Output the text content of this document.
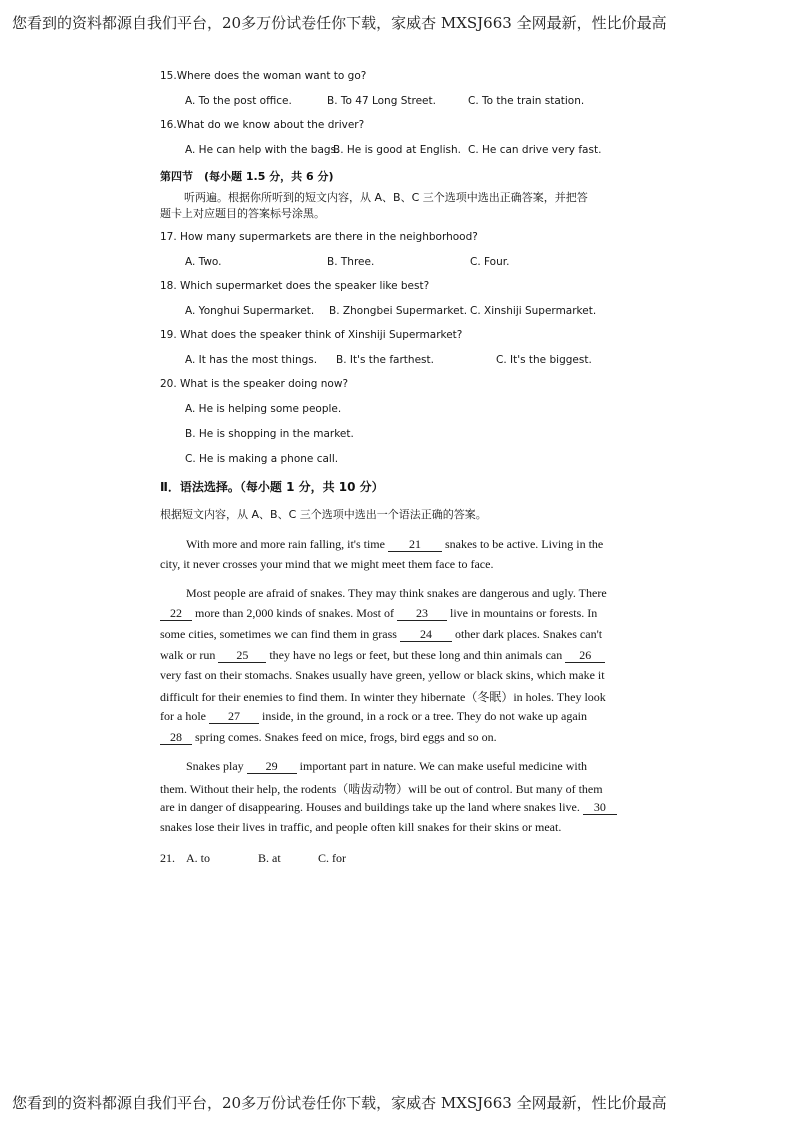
您看到的资料都源自我们平台，20多万份试卷任你下载，家威杏 MXSJ663 全网最新，性比价最高
15.Where does the woman want to go?
A. To the post office.	B. To 47 Long Street.	C. To the train station.
16.What do we know about the driver?
A. He can help with the bags.
B. He is good at English. C. He can drive very fast.
第四节　(每小题 1.5 分，共 6 分)
听两遍。根据你所听到的短文内容，从 A、B、C 三个选项中选出正确答案，并把答
题卡上对应题目的答案标号涂黑。
17. How many supermarkets are there in the neighborhood?
A. Two.	B. Three.	C. Four.
18. Which supermarket does the speaker like best?
A. Yonghui Supermarket. B. Zhongbei Supermarket. C. Xinshiji Supermarket.
19. What does the speaker think of Xinshiji Supermarket?
A. It has the most things. B. It's the farthest.	C. It's the biggest.
20. What is the speaker doing now?
A. He is helping some people.
B. He is shopping in the market.
C. He is making a phone call.
Ⅱ．语法选择。（每小题 1 分，共 10 分）
根据短文内容，从 A、B、C 三个选项中选出一个语法正确的答案。
With more and more rain falling, it's time 21 snakes to be active. Living in the
city, it never crosses your mind that we might meet them face to face.
Most people are afraid of snakes. They may think snakes are dangerous and ugly. There
22 more than 2,000 kinds of snakes. Most of 23 live in mountains or forests. In
some cities, sometimes we can find them in grass 24 other dark places. Snakes can't
walk or run 25 they have no legs or feet, but these long and thin animals can 26
very fast on their stomachs. Snakes usually have green, yellow or black skins, which make it
difficult for their enemies to find them. In winter they hibernate（冬眠）in holes. They look
for a hole 27 inside, in the ground, in a rock or a tree. They do not wake up again
28 spring comes. Snakes feed on mice, frogs, bird eggs and so on.
Snakes play 29 important part in nature. We can make useful medicine with
them. Without their help, the rodents（啮齿动物）will be out of control. But many of them
are in danger of disappearing. Houses and buildings take up the land where snakes live. 30
snakes lose their lives in traffic, and people often kill snakes for their skins or meat.
21. A. to	B. at	C. for
您看到的资料都源自我们平台，20多万份试卷任你下载，家威杏 MXSJ663 全网最新，性比价最高
